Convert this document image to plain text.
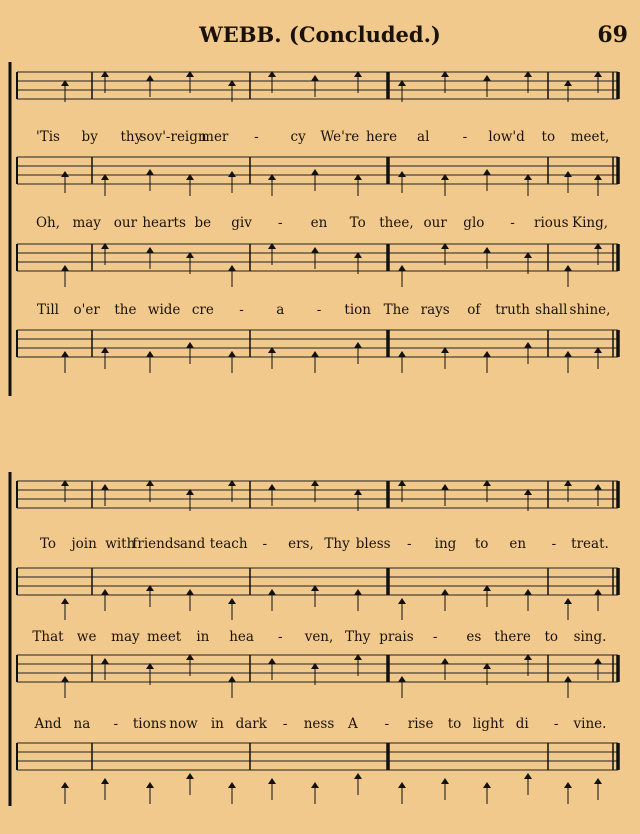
WEBB. (Concluded.)	69
'Tis by thy
sov'-reign
mer - cy We're here al - low'd to meet,
Oh, may our hearts be giv - en To thee, our glo - rious King,
Till o'er the wide cre - a - tion The rays of truth shall shine,
To join with
friends and teach - ers, Thy bless - ing to en - treat.
That we may meet in hea - ven, Thy prais - es there to sing.
And na - tions now in dark - ness A - rise to light di - vine.
